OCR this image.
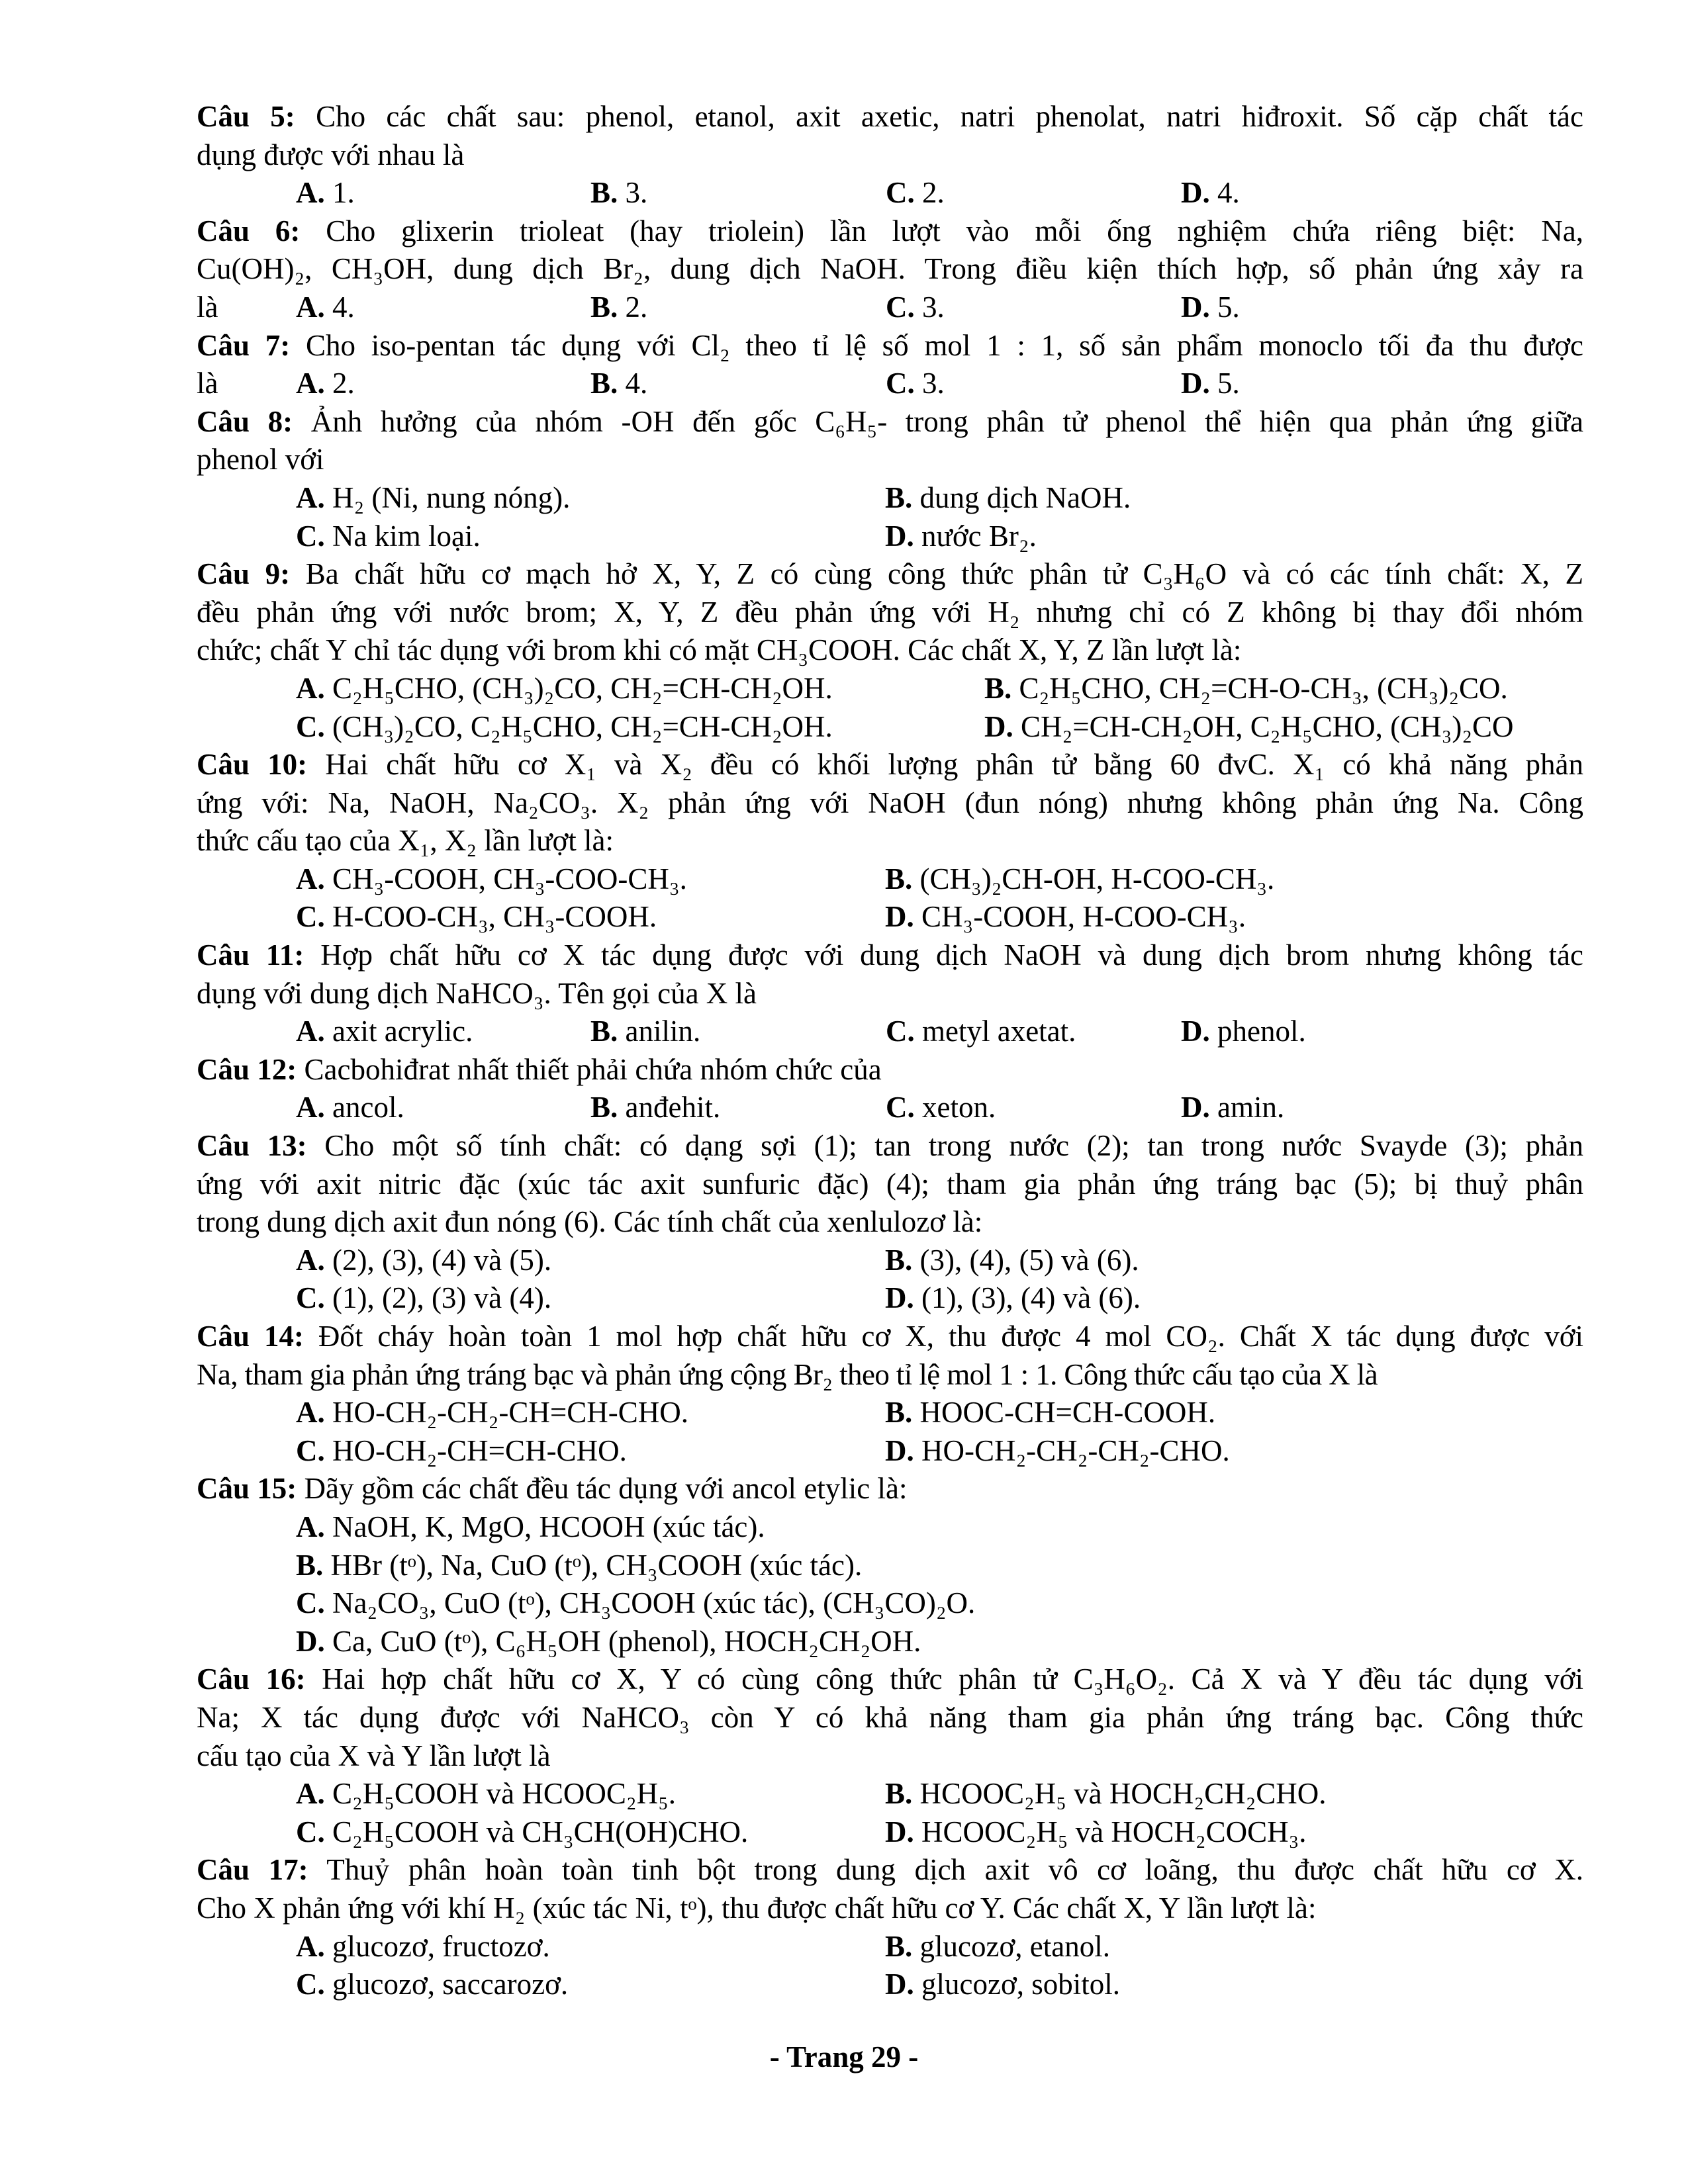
Câu 5: Cho các chất sau: phenol, etanol, axit axetic, natri phenolat, natri hiđroxit. Số cặp chất tác
dụng được với nhau là
A. 1.	B. 3.	C. 2.	D. 4.
Câu 6: Cho glixerin trioleat (hay triolein) lần lượt vào mỗi ống nghiệm chứa riêng biệt: Na,
Cu(OH)₂, CH₃OH, dung dịch Br₂, dung dịch NaOH. Trong điều kiện thích hợp, số phản ứng xảy ra
là	A. 4.	B. 2.	C. 3.	D. 5.
Câu 7: Cho iso-pentan tác dụng với Cl₂ theo tỉ lệ số mol 1 : 1, số sản phẩm monoclo tối đa thu được
là	A. 2.	B. 4.	C. 3.	D. 5.
Câu 8: Ảnh hưởng của nhóm -OH đến gốc C₆H₅- trong phân tử phenol thể hiện qua phản ứng giữa
phenol với
A. H₂ (Ni, nung nóng).	B. dung dịch NaOH.
C. Na kim loại.	D. nước Br₂.
Câu 9: Ba chất hữu cơ mạch hở X, Y, Z có cùng công thức phân tử C₃H₆O và có các tính chất: X, Z
đều phản ứng với nước brom; X, Y, Z đều phản ứng với H₂ nhưng chỉ có Z không bị thay đổi nhóm
chức; chất Y chỉ tác dụng với brom khi có mặt CH₃COOH. Các chất X, Y, Z lần lượt là:
A. C₂H₅CHO, (CH₃)₂CO, CH₂=CH-CH₂OH.	B. C₂H₅CHO, CH₂=CH-O-CH₃, (CH₃)₂CO.
C. (CH₃)₂CO, C₂H₅CHO, CH₂=CH-CH₂OH.	D. CH₂=CH-CH₂OH, C₂H₅CHO, (CH₃)₂CO
Câu 10: Hai chất hữu cơ X₁ và X₂ đều có khối lượng phân tử bằng 60 đvC. X₁ có khả năng phản
ứng với: Na, NaOH, Na₂CO₃. X₂ phản ứng với NaOH (đun nóng) nhưng không phản ứng Na. Công
thức cấu tạo của X₁, X₂ lần lượt là:
A. CH₃-COOH, CH₃-COO-CH₃.	B. (CH₃)₂CH-OH, H-COO-CH₃.
C. H-COO-CH₃, CH₃-COOH.	D. CH₃-COOH, H-COO-CH₃.
Câu 11: Hợp chất hữu cơ X tác dụng được với dung dịch NaOH và dung dịch brom nhưng không tác
dụng với dung dịch NaHCO₃. Tên gọi của X là
A. axit acrylic.	B. anilin.	C. metyl axetat.	D. phenol.
Câu 12: Cacbohiđrat nhất thiết phải chứa nhóm chức của
A. ancol.	B. anđehit.	C. xeton.	D. amin.
Câu 13: Cho một số tính chất: có dạng sợi (1); tan trong nước (2); tan trong nước Svayde (3); phản
ứng với axit nitric đặc (xúc tác axit sunfuric đặc) (4); tham gia phản ứng tráng bạc (5); bị thuỷ phân
trong dung dịch axit đun nóng (6). Các tính chất của xenlulozơ là:
A. (2), (3), (4) và (5).	B. (3), (4), (5) và (6).
C. (1), (2), (3) và (4).	D. (1), (3), (4) và (6).
Câu 14: Đốt cháy hoàn toàn 1 mol hợp chất hữu cơ X, thu được 4 mol CO₂. Chất X tác dụng được với
Na, tham gia phản ứng tráng bạc và phản ứng cộng Br₂ theo tỉ lệ mol 1 : 1. Công thức cấu tạo của X là
A. HO-CH₂-CH₂-CH=CH-CHO.	B. HOOC-CH=CH-COOH.
C. HO-CH₂-CH=CH-CHO.	D. HO-CH₂-CH₂-CH₂-CHO.
Câu 15: Dãy gồm các chất đều tác dụng với ancol etylic là:
A. NaOH, K, MgO, HCOOH (xúc tác).
B. HBr (tᵒ), Na, CuO (tᵒ), CH₃COOH (xúc tác).
C. Na₂CO₃, CuO (tᵒ), CH₃COOH (xúc tác), (CH₃CO)₂O.
D. Ca, CuO (tᵒ), C₆H₅OH (phenol), HOCH₂CH₂OH.
Câu 16: Hai hợp chất hữu cơ X, Y có cùng công thức phân tử C₃H₆O₂. Cả X và Y đều tác dụng với
Na; X tác dụng được với NaHCO₃ còn Y có khả năng tham gia phản ứng tráng bạc. Công thức
cấu tạo của X và Y lần lượt là
A. C₂H₅COOH và HCOOC₂H₅.	B. HCOOC₂H₅ và HOCH₂CH₂CHO.
C. C₂H₅COOH và CH₃CH(OH)CHO.	D. HCOOC₂H₅ và HOCH₂COCH₃.
Câu 17: Thuỷ phân hoàn toàn tinh bột trong dung dịch axit vô cơ loãng, thu được chất hữu cơ X.
Cho X phản ứng với khí H₂ (xúc tác Ni, tᵒ), thu được chất hữu cơ Y. Các chất X, Y lần lượt là:
A. glucozơ, fructozơ.	B. glucozơ, etanol.
C. glucozơ, saccarozơ.	D. glucozơ, sobitol.
- Trang 29 -
